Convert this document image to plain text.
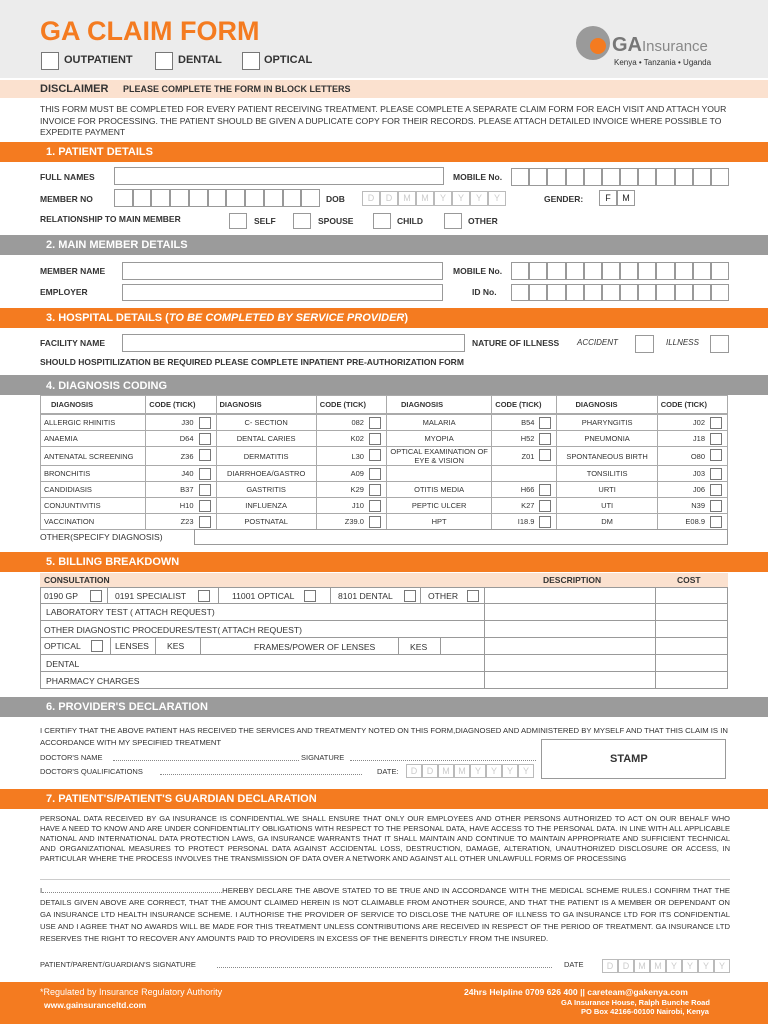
GA CLAIM FORM
OUTPATIENT	DENTAL	OPTICAL
GA Insurance
Kenya • Tanzania • Uganda
DISCLAIMER PLEASE COMPLETE THE FORM IN BLOCK LETTERS
THIS FORM MUST BE COMPLETED FOR EVERY PATIENT RECEIVING TREATMENT. PLEASE COMPLETE A SEPARATE CLAIM FORM FOR EACH VISIT AND ATTACH YOUR INVOICE FOR PROCESSING. THE PATIENT SHOULD BE GIVEN A DUPLICATE COPY FOR THEIR RECORDS. PLEASE ATTACH DETAILED INVOICE WHERE POSSIBLE TO EXPEDITE PAYMENT
1. PATIENT DETAILS
FULL NAMES	MOBILE No.
MEMBER NO	DOB	D	D	M	M	Y	Y	Y	Y	GENDER:	F	M
RELATIONSHIP TO MAIN MEMBER	SELF	SPOUSE	CHILD	OTHER
2. MAIN MEMBER DETAILS
MEMBER NAME	MOBILE No.
EMPLOYER	ID No.
3. HOSPITAL DETAILS (TO BE COMPLETED BY SERVICE PROVIDER)
FACILITY NAME	NATURE OF ILLNESS ACCIDENT	ILLNESS
SHOULD HOSPITILIZATION BE REQUIRED PLEASE COMPLETE INPATIENT PRE-AUTHORIZATION FORM
4. DIAGNOSIS CODING
DIAGNOSIS	CODE (TICK)	DIAGNOSIS	CODE (TICK)	DIAGNOSIS	CODE (TICK)	DIAGNOSIS	CODE (TICK)
ALLERGIC RHINITIS	J30	C- SECTION	082	MALARIA	B54	PHARYNGITIS	J02

ANAEMIA	D64	DENTAL CARIES	K02	MYOPIA	H52	PNEUMONIA	J18

ANTENATAL SCREENING	Z36	DERMATITIS	L30	OPTICAL EXAMINATION OF EYE & VISION	Z01	SPONTANEOUS BIRTH	O80

BRONCHITIS	J40	DIARRHOEA/GASTRO	A09			TONSILITIS	J03

CANDIDIASIS	B37	GASTRITIS	K29	OTITIS MEDIA	H66	URTI	J06

CONJUNTIVITIS	H10	INFLUENZA	J10	PEPTIC ULCER	K27	UTI	N39

VACCINATION	Z23	POSTNATAL	Z39.0	HPT	I18.9	DM	E08.9
OTHER(SPECIFY DIAGNOSIS)
5. BILLING BREAKDOWN
CONSULTATION	DESCRIPTION	COST
0190 GP	0191 SPECIALIST	11001 OPTICAL	8101 DENTAL	OTHER
LABORATORY TEST ( ATTACH REQUEST)
OTHER DIAGNOSTIC PROCEDURES/TEST( ATTACH REQUEST)
OPTICAL	LENSES KES	FRAMES/POWER OF LENSES	KES
DENTAL
PHARMACY CHARGES
6. PROVIDER'S DECLARATION
I CERTIFY THAT THE ABOVE PATIENT HAS RECEIVED THE SERVICES AND TREATMENTY NOTED ON THIS FORM,DIAGNOSED AND ADMINISTERED BY MYSELF AND THAT THIS CLAIM IS IN ACCORDANCE WITH MY SPECIFIED TREATMENT
DOCTOR'S NAME	SIGNATURE
DOCTOR'S QUALIFICATIONS	DATE:	D	D	M M	Y	Y	Y	Y
STAMP
7. PATIENT'S/PATIENT'S GUARDIAN DECLARATION
PERSONAL DATA RECEIVED BY GA INSURANCE IS CONFIDENTIAL.WE SHALL ENSURE THAT ONLY OUR EMPLOYEES AND OTHER PERSONS AUTHORIZED TO ACT ON OUR BEHALF WHO HAVE A NEED TO KNOW AND ARE UNDER CONFIDENTIALITY OBLIGATIONS WITH RESPECT TO THE PERSONAL DATA, HAVE ACCESS TO THE PERSONAL DATA. IN LINE WITH ALL APPLICABLE NATIONAL AND INTERNATIONAL DATA PROTECTION LAWS, GA INSURANCE WARRANTS THAT IT SHALL MAINTAIN AND CONTINUE TO MAINTAIN APPROPRIATE AND SUFFICIENT TECHNICAL AND ORGANIZATIONAL MEASURES TO PROTECT PERSONAL DATA AGAINST ACCIDENTAL LOSS, DESTRUCTION, DAMAGE, ALTERATION, UNAUTHORIZED DISCLOSURE OR ACCESS, IN PARTICULAR WHERE THE PROCESS INVOLVES THE TRANSMISSION OF DATA OVER A NETWORK AND AGAINST ALL OTHER UNLAWFULL FORMS OF PROCESSING
I	HEREBY DECLARE THE ABOVE STATED TO BE TRUE AND IN ACCORDANCE WITH THE MEDICAL SCHEME RULES.I CONFIRM THAT THE DETAILS GIVEN ABOVE ARE CORRECT, THAT THE AMOUNT CLAIMED HEREIN IS NOT CLAIMABLE FROM ANOTHER SOURCE, AND THAT THE PATIENT IS A MEMBER OR DEPENDANT ON GA INSURANCE LTD HEALTH INSURANCE SCHEME. I AUTHORISE THE PROVIDER OF SERVICE TO DISCLOSE THE NATURE OF ILLNESS TO GA INSURANCE LTD FOR ITS CONFIDENTIAL USE AND I AGREE THAT NO AWARDS WILL BE MADE FOR THIS TREATMENT UNLESS CONTRIBUTIONS ARE RECEIVED IN RESPECT OF THE PERIOD OF TREATMENT. GA INSURANCE LTD RESERVES THE RIGHT TO RECOVER ANY AMOUNTS PAID TO PROVIDERS IN EXCESS OF THE BENEFITS DIRECTLY FROM THE INSURED.
PATIENT/PARENT/GUARDIAN'S SIGNATURE	DATE	D	D	M M	Y	Y	Y	Y
*Regulated by Insurance Regulatory Authority
www.gainsuranceltd.com
24hrs Helpline 0709 626 400 || careteam@gakenya.com
GA Insurance House, Ralph Bunche Road
PO Box 42166-00100 Nairobi, Kenya
